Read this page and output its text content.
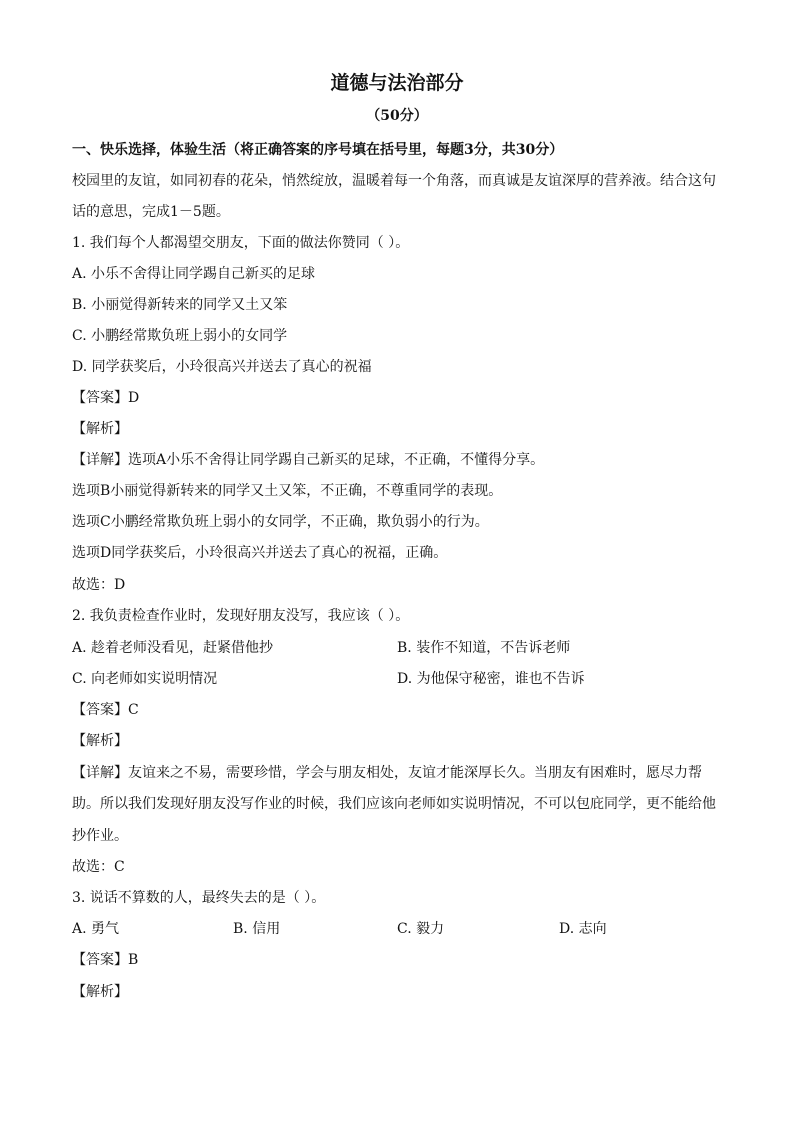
道德与法治部分
（50分）
一、快乐选择，体验生活（将正确答案的序号填在括号里，每题3分，共30分）
校园里的友谊，如同初春的花朵，悄然绽放，温暖着每一个角落，而真诚是友谊深厚的营养液。结合这句
话的意思，完成1－5题。
1. 我们每个人都渴望交朋友，下面的做法你赞同（ ）。
A. 小乐不舍得让同学踢自己新买的足球
B. 小丽觉得新转来的同学又土又笨
C. 小鹏经常欺负班上弱小的女同学
D. 同学获奖后，小玲很高兴并送去了真心的祝福
【答案】D
【解析】
【详解】选项A小乐不舍得让同学踢自己新买的足球，不正确，不懂得分享。
选项B小丽觉得新转来的同学又土又笨，不正确，不尊重同学的表现。
选项C小鹏经常欺负班上弱小的女同学，不正确，欺负弱小的行为。
选项D同学获奖后，小玲很高兴并送去了真心的祝福，正确。
故选：D
2. 我负责检查作业时，发现好朋友没写，我应该（ ）。
A. 趁着老师没看见，赶紧借他抄	B. 装作不知道，不告诉老师
C. 向老师如实说明情况	D. 为他保守秘密，谁也不告诉
【答案】C
【解析】
【详解】友谊来之不易，需要珍惜，学会与朋友相处，友谊才能深厚长久。当朋友有困难时，愿尽力帮
助。所以我们发现好朋友没写作业的时候，我们应该向老师如实说明情况，不可以包庇同学，更不能给他
抄作业。
故选：C
3. 说话不算数的人，最终失去的是（ ）。
A. 勇气	B. 信用	C. 毅力	D. 志向
【答案】B
【解析】
